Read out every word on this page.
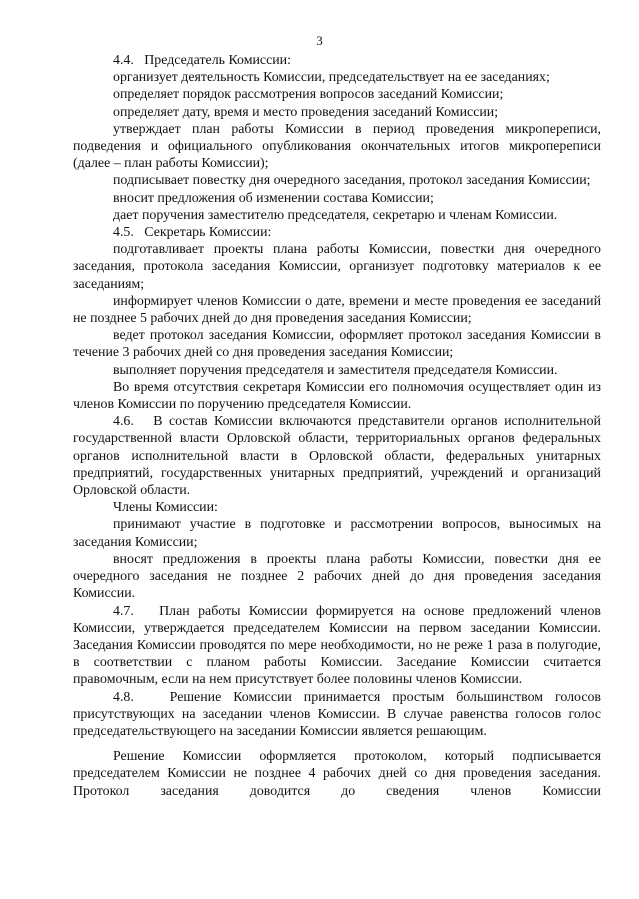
3

4.4.   Председатель Комиссии:

организует деятельность Комиссии, председательствует на ее заседаниях;

определяет порядок рассмотрения вопросов заседаний Комиссии;

определяет дату, время и место проведения заседаний Комиссии;

утверждает план работы Комиссии в период проведения микропереписи, подведения и официального опубликования окончательных итогов микропереписи (далее – план работы Комиссии);

подписывает повестку дня очередного заседания, протокол заседания Комиссии;

вносит предложения об изменении состава Комиссии;

дает поручения заместителю председателя, секретарю и членам Комиссии.

4.5.   Секретарь Комиссии:

подготавливает проекты плана работы Комиссии, повестки дня очередного заседания, протокола заседания Комиссии, организует подготовку материалов к ее заседаниям;

информирует членов Комиссии о дате, времени и месте проведения ее заседаний не позднее 5 рабочих дней до дня проведения заседания Комиссии;

ведет протокол заседания Комиссии, оформляет протокол заседания Комиссии в течение 3 рабочих дней со дня проведения заседания Комиссии;

выполняет поручения председателя и заместителя председателя Комиссии.

Во время отсутствия секретаря Комиссии его полномочия осуществляет один из членов Комиссии по поручению председателя Комиссии.

4.6.   В состав Комиссии включаются представители органов исполнительной государственной власти Орловской области, территориальных органов федеральных органов исполнительной власти в Орловской области, федеральных унитарных предприятий, государственных унитарных предприятий, учреждений и организаций Орловской области.

Члены Комиссии:

принимают участие в подготовке и рассмотрении вопросов, выносимых на заседания Комиссии;

вносят предложения в проекты плана работы Комиссии, повестки дня ее очередного заседания не позднее 2 рабочих дней до дня проведения заседания Комиссии.

4.7.   План работы Комиссии формируется на основе предложений членов Комиссии, утверждается председателем Комиссии на первом заседании Комиссии. Заседания Комиссии проводятся по мере необходимости, но не реже 1 раза в полугодие, в соответствии с планом работы Комиссии. Заседание Комиссии считается правомочным, если на нем присутствует более половины членов Комиссии.

4.8.   Решение Комиссии принимается простым большинством голосов присутствующих на заседании членов Комиссии. В случае равенства голосов голос председательствующего на заседании Комиссии является решающим.

Решение Комиссии оформляется протоколом, который подписывается председателем Комиссии не позднее 4 рабочих дней со дня проведения заседания. Протокол заседания доводится до сведения членов Комиссии
